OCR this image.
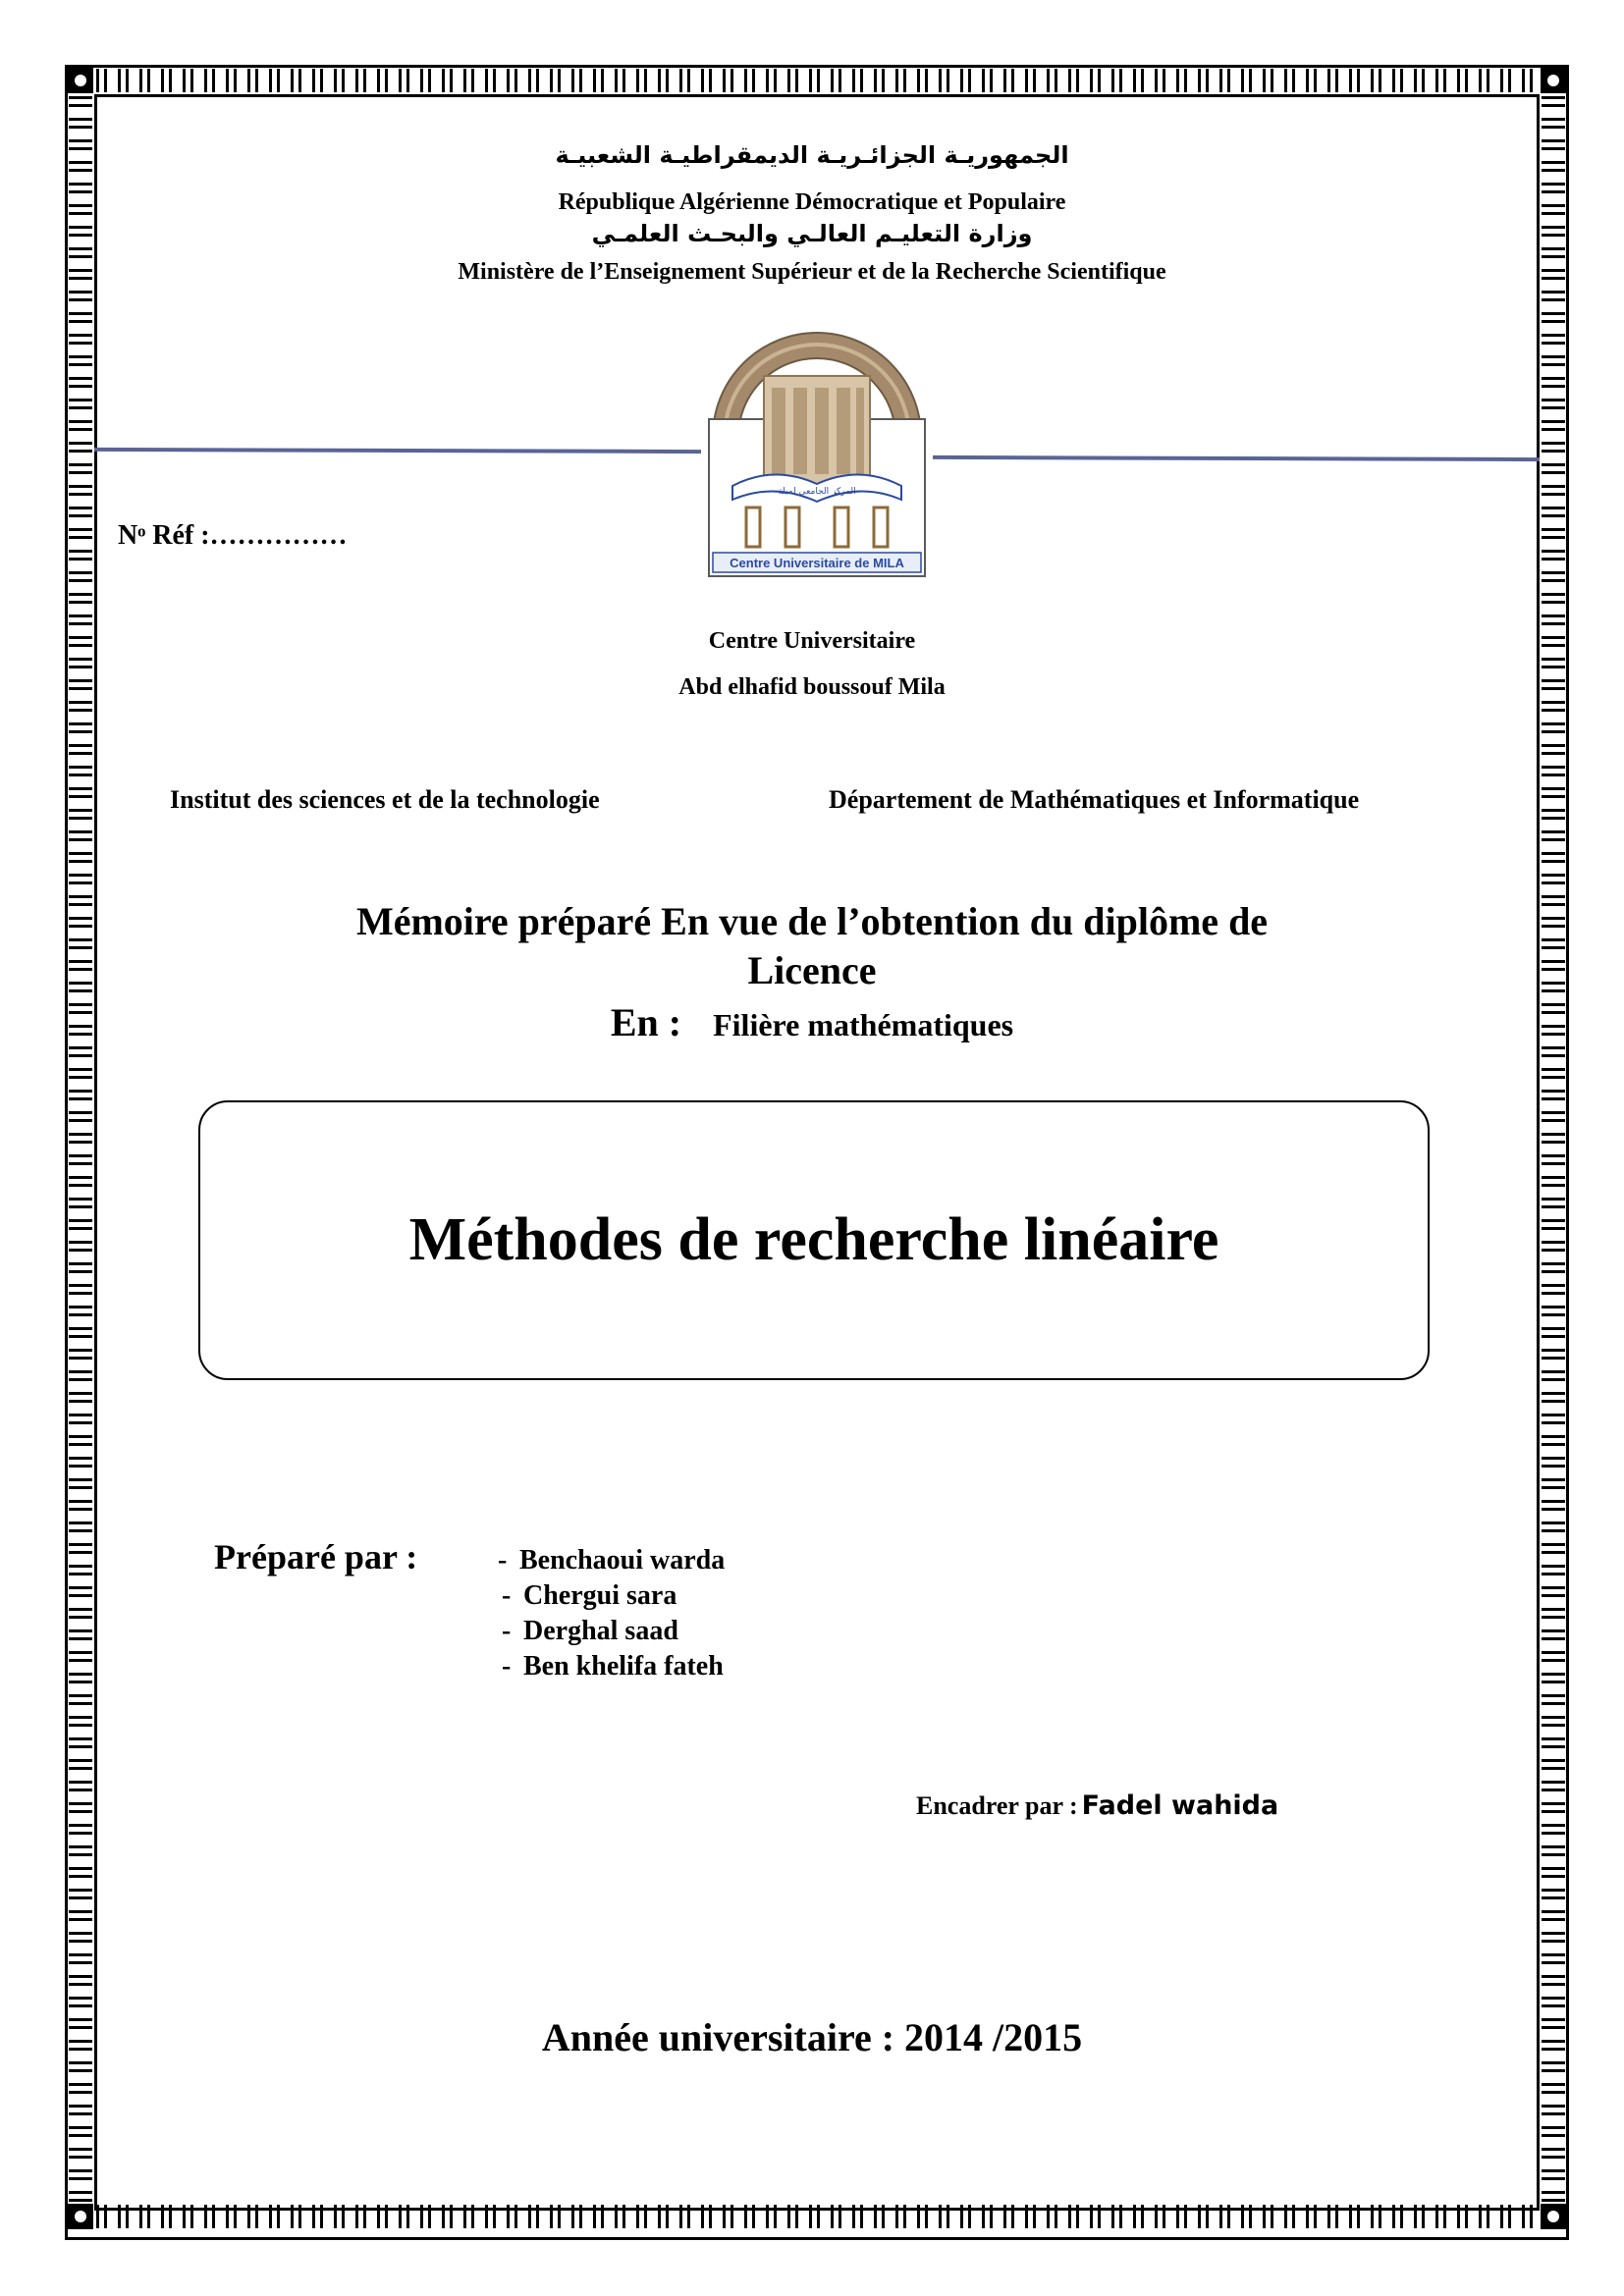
الجمهوريـة الجزائـريـة الديمقراطيـة الشعبيـة
République Algérienne Démocratique et Populaire
وزارة التعليـم العالـي والبحـث العلمـي
Ministère de l’Enseignement Supérieur et de la Recherche Scientifique
المركز الجامعي لميلة
Centre Universitaire de MILA
Nᵒ Réf :……………
Centre Universitaire
Abd elhafid boussouf Mila
Institut des sciences et de la technologie	Département de Mathématiques et Informatique
Mémoire préparé En vue de l’obtention du diplôme de
Licence
En : Filière mathématiques
Méthodes de recherche linéaire
Préparé par :	- Benchaoui warda
- Chergui sara
- Derghal saad
- Ben khelifa fateh
Encadrer par : Fadel wahida
Année universitaire : 2014 /2015
